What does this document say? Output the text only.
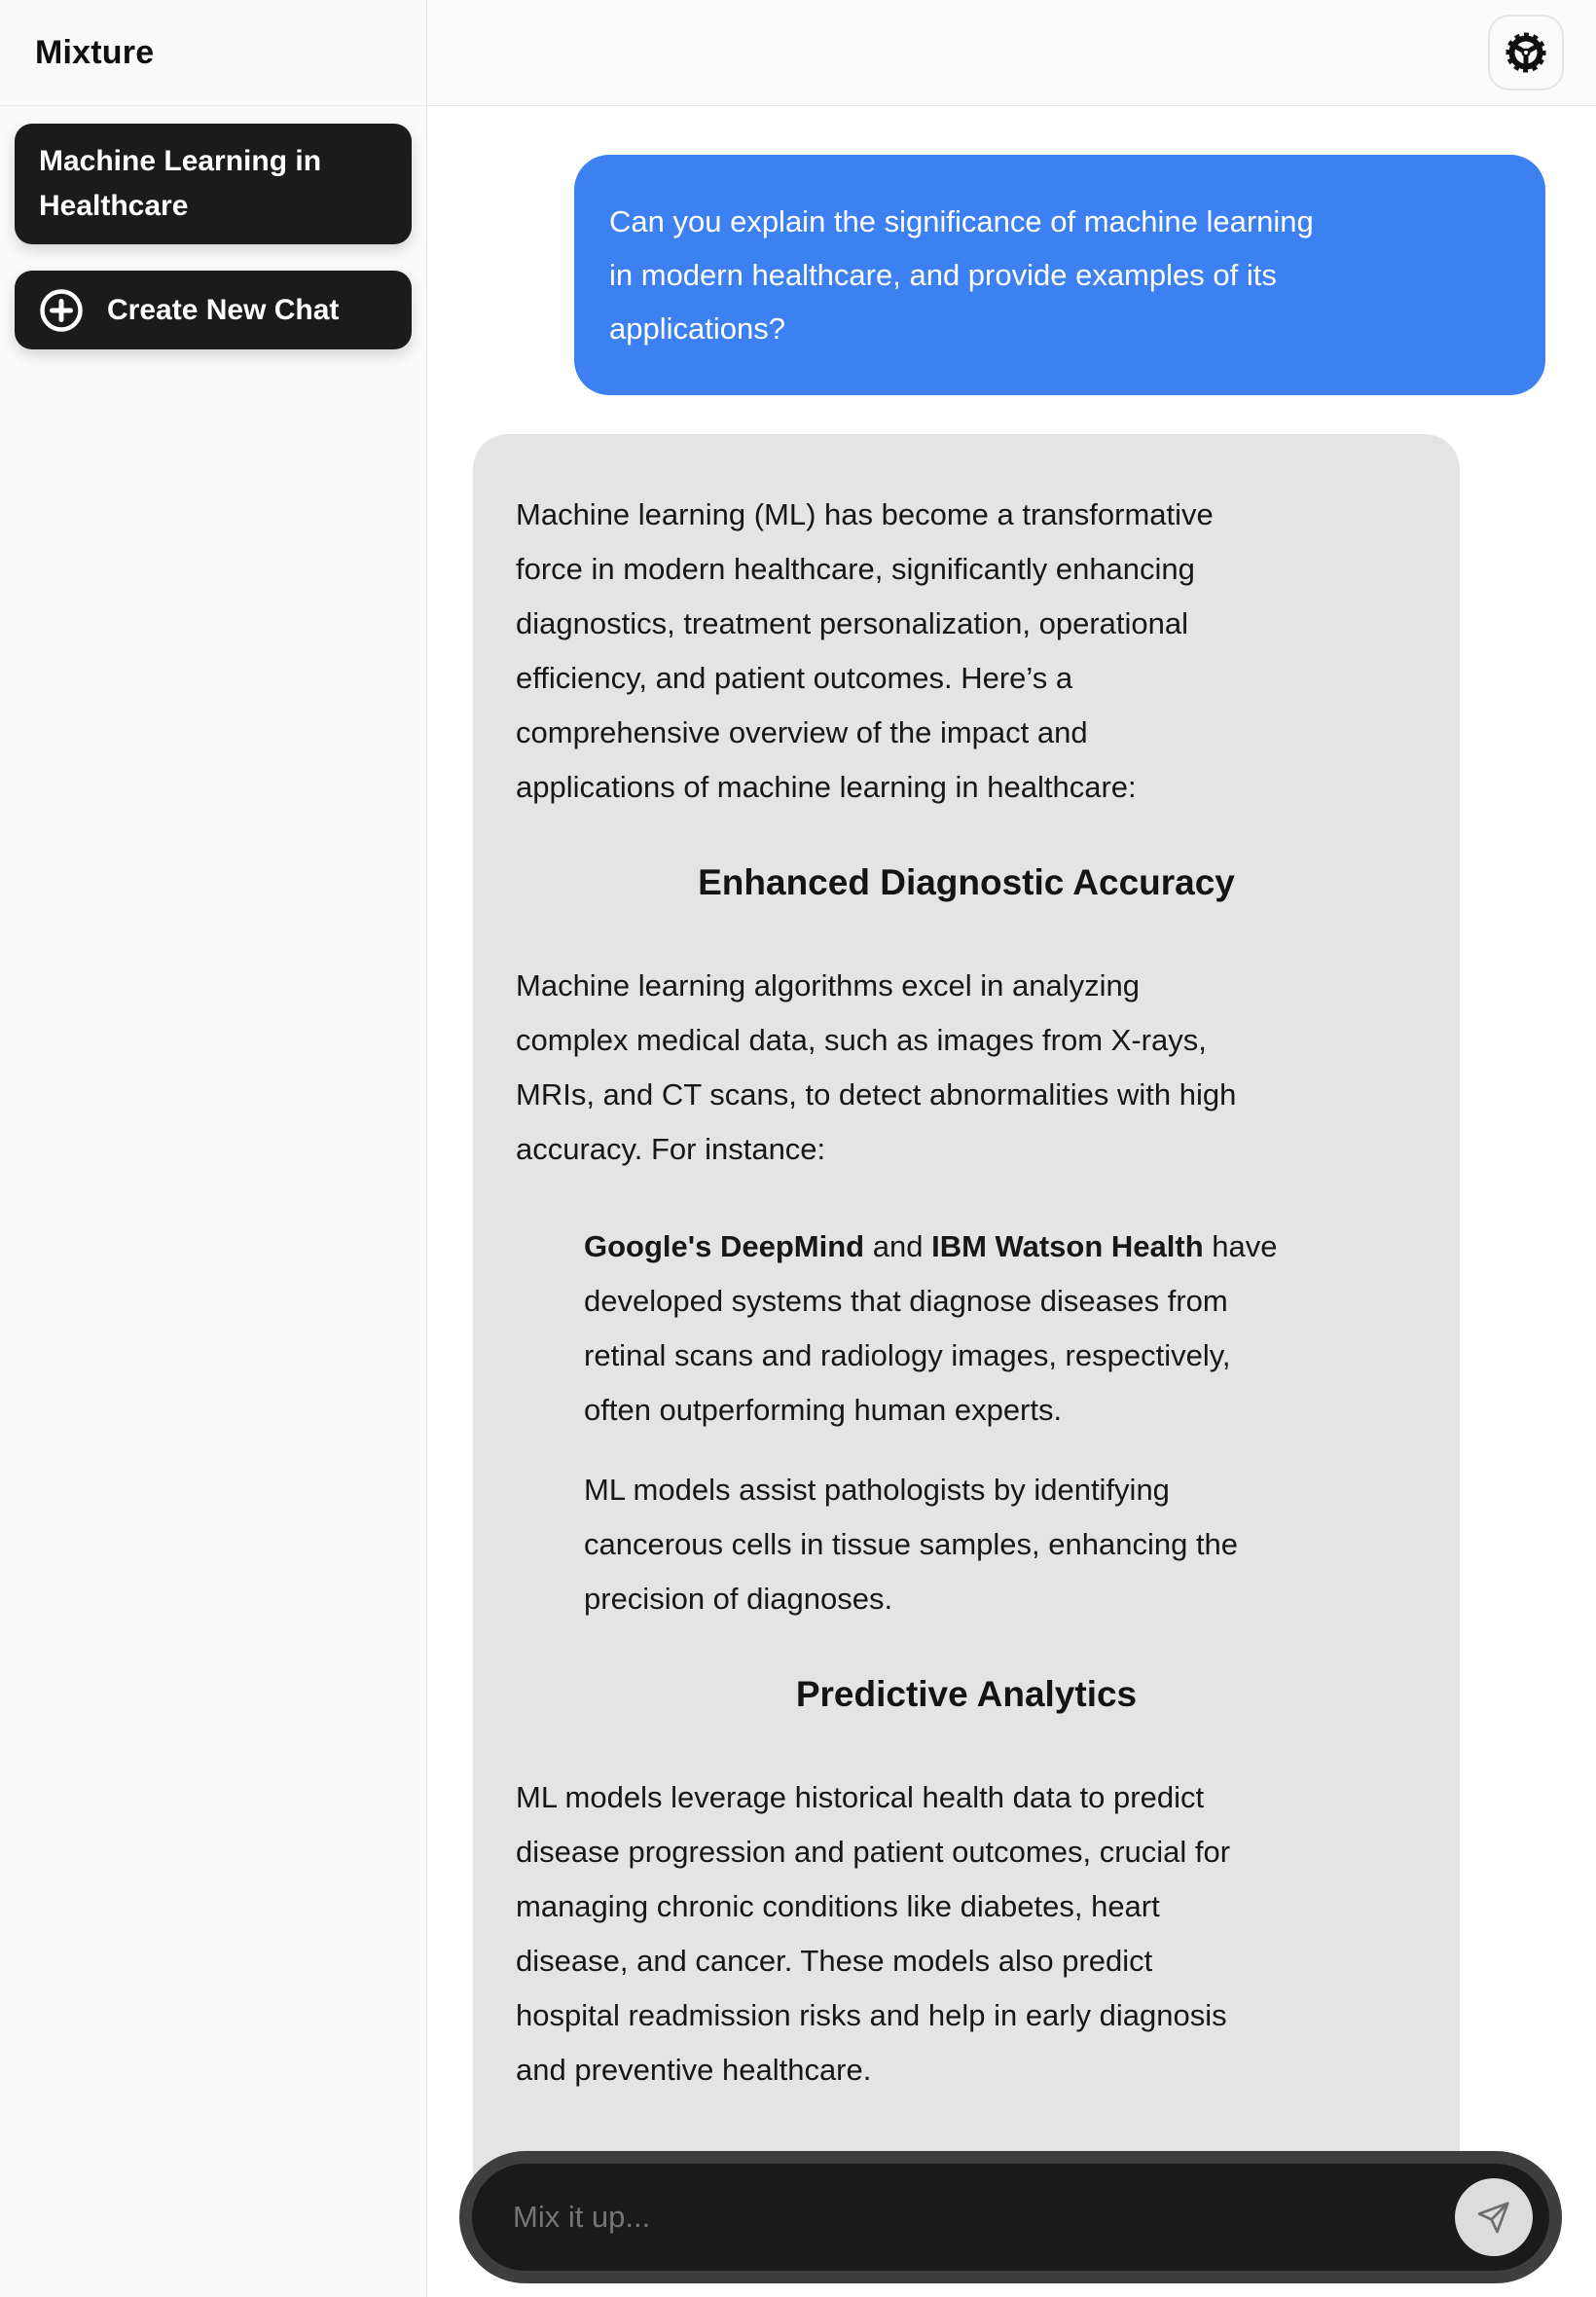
Mixture
Machine Learning in Healthcare
Create New Chat
Can you explain the significance of machine learning
in modern healthcare, and provide examples of its
applications?
Machine learning (ML) has become a transformative
force in modern healthcare, significantly enhancing
diagnostics, treatment personalization, operational
efficiency, and patient outcomes. Here’s a
comprehensive overview of the impact and
applications of machine learning in healthcare:
Enhanced Diagnostic Accuracy
Machine learning algorithms excel in analyzing
complex medical data, such as images from X-rays,
MRIs, and CT scans, to detect abnormalities with high
accuracy. For instance:
Google's DeepMind and IBM Watson Health have
developed systems that diagnose diseases from
retinal scans and radiology images, respectively,
often outperforming human experts.
ML models assist pathologists by identifying
cancerous cells in tissue samples, enhancing the
precision of diagnoses.
Predictive Analytics
ML models leverage historical health data to predict
disease progression and patient outcomes, crucial for
managing chronic conditions like diabetes, heart
disease, and cancer. These models also predict
hospital readmission risks and help in early diagnosis
and preventive healthcare.
Mix it up...
